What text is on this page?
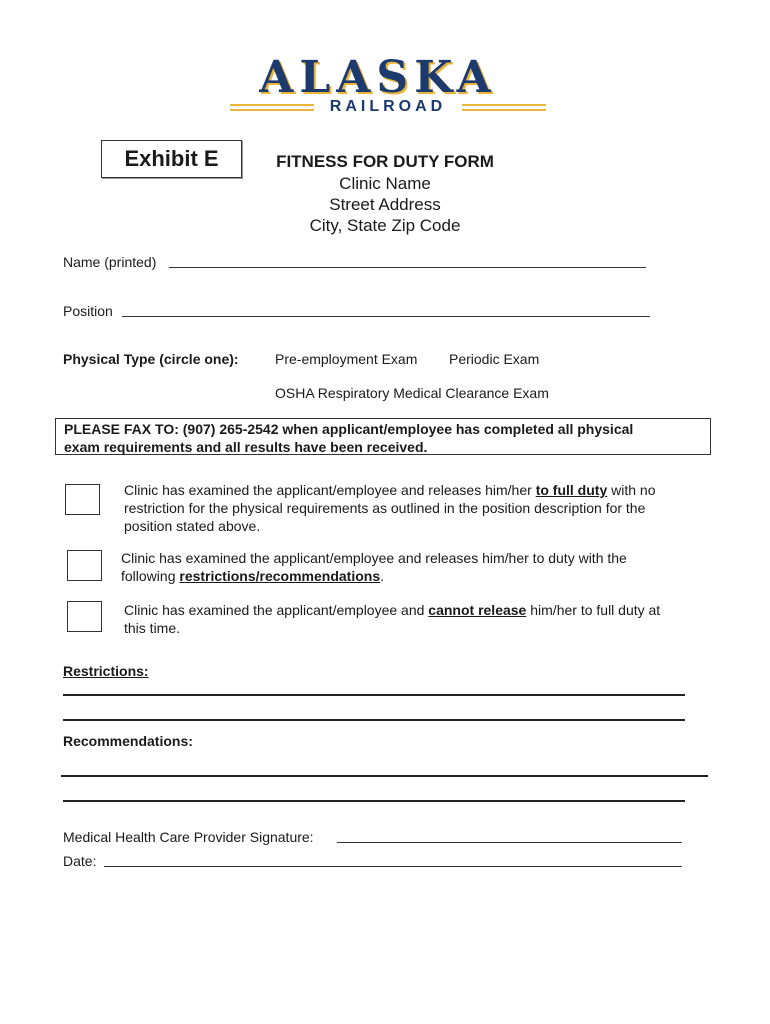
ALASKA
RAILROAD
Exhibit E	FITNESS FOR DUTY FORM
Clinic Name
Street Address
City, State Zip Code
Name (printed)
Position
Physical Type (circle one):	Pre-employment Exam Periodic Exam
OSHA Respiratory Medical Clearance Exam
PLEASE FAX TO: (907) 265-2542 when applicant/employee has completed all physical
exam requirements and all results have been received.
Clinic has examined the applicant/employee and releases him/her to full duty with no
restriction for the physical requirements as outlined in the position description for the
position stated above.
Clinic has examined the applicant/employee and releases him/her to duty with the
following restrictions/recommendations.
Clinic has examined the applicant/employee and cannot release him/her to full duty at
this time.
Restrictions:
Recommendations:
Medical Health Care Provider Signature:
Date:
